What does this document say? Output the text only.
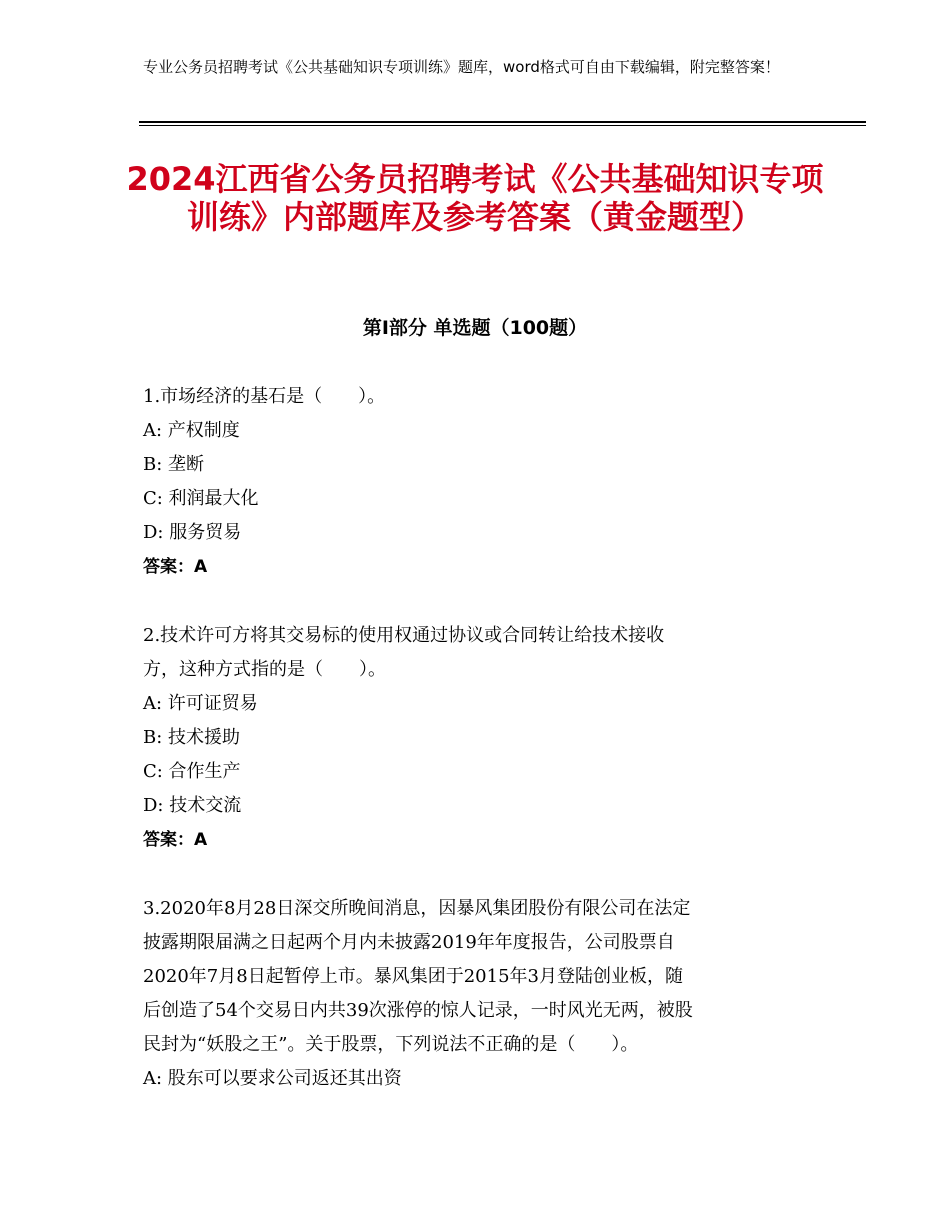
专业公务员招聘考试《公共基础知识专项训练》题库，word格式可自由下载编辑，附完整答案！
2024江西省公务员招聘考试《公共基础知识专项训练》内部题库及参考答案（黄金题型）
第I部分 单选题（100题）
1.市场经济的基石是（　　）。
A: 产权制度
B: 垄断
C: 利润最大化
D: 服务贸易
答案：A
2.技术许可方将其交易标的使用权通过协议或合同转让给技术接收
方，这种方式指的是（　　）。
A: 许可证贸易
B: 技术援助
C: 合作生产
D: 技术交流
答案：A
3.2020年8月28日深交所晚间消息，因暴风集团股份有限公司在法定
披露期限届满之日起两个月内未披露2019年年度报告，公司股票自
2020年7月8日起暂停上市。暴风集团于2015年3月登陆创业板，随
后创造了54个交易日内共39次涨停的惊人记录，一时风光无两，被股
民封为“妖股之王”。关于股票，下列说法不正确的是（　　）。
A: 股东可以要求公司返还其出资
